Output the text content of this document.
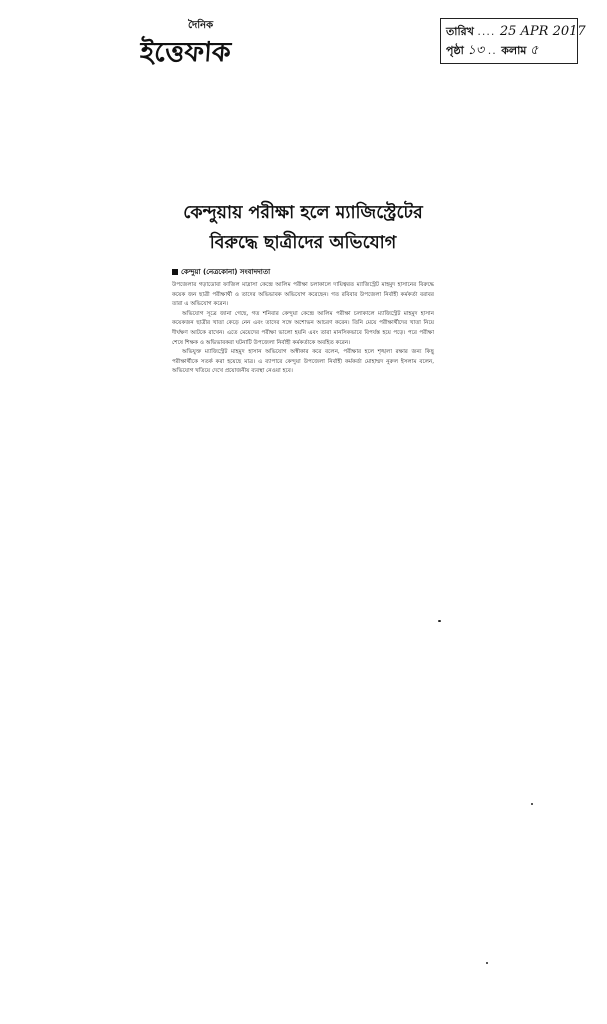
দৈনিক
ইত্তেফাক
তারিখ .... 25 APR 2017
পৃষ্ঠা ১৩ .. কলাম ৫
কেন্দুয়ায় পরীক্ষা হলে ম্যাজিস্ট্রেটের
বিরুদ্ধে ছাত্রীদের অভিযোগ
কেন্দুয়া (নেত্রকোনা) সংবাদদাতা

উপজেলার গড়াডোবা ফাজিল মাদ্রাসা কেন্দ্রে আলিম পরীক্ষা চলাকালে দায়িত্বরত ম্যাজিস্ট্রেট মাহমুদ হাসানের বিরুদ্ধে কয়েক জন ছাত্রী পরীক্ষার্থী ও তাদের অভিভাবক অভিযোগ করেছেন। গত রবিবার উপজেলা নির্বাহী কর্মকর্তা বরাবর তারা এ অভিযোগ করেন।

অভিযোগ সূত্রে জানা গেছে, গত শনিবার কেন্দুয়া কেন্দ্রে আলিম পরীক্ষা চলাকালে ম্যাজিস্ট্রেট মাহমুদ হাসান কয়েকজন ছাত্রীর খাতা কেড়ে নেন এবং তাদের সঙ্গে অশোভন আচরণ করেন। তিনি মেয়ে পরীক্ষার্থীদের খাতা নিয়ে দীর্ঘক্ষণ আটকে রাখেন। এতে মেয়েদের পরীক্ষা ভালো হয়নি এবং তারা মানসিকভাবে বিপর্যস্ত হয়ে পড়ে। পরে পরীক্ষা শেষে শিক্ষক ও অভিভাবকরা ঘটনাটি উপজেলা নির্বাহী কর্মকর্তাকে অবহিত করেন।

অভিযুক্ত ম্যাজিস্ট্রেট মাহমুদ হাসান অভিযোগ অস্বীকার করে বলেন, পরীক্ষার হলে শৃঙ্খলা রক্ষার জন্য কিছু পরীক্ষার্থীকে সতর্ক করা হয়েছে মাত্র। এ ব্যাপারে কেন্দুয়া উপজেলা নির্বাহী কর্মকর্তা মোহাম্মদ নুরুল ইসলাম বলেন, অভিযোগ খতিয়ে দেখে প্রয়োজনীয় ব্যবস্থা নেওয়া হবে।
